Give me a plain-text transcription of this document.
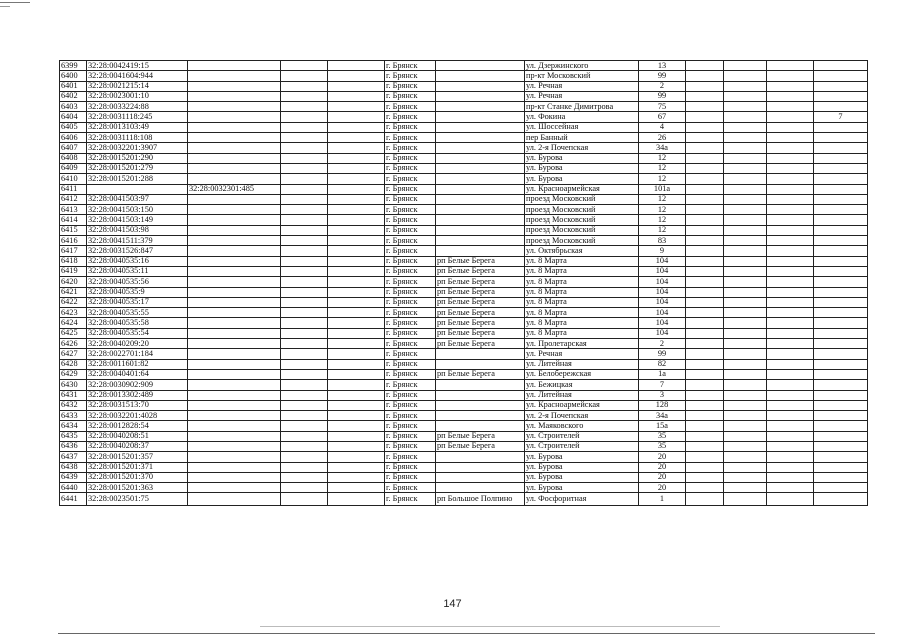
6399	32:28:0042419:15				г. Брянск		ул. Дзержинского	13				
6400	32:28:0041604:944				г. Брянск		пр-кт Московский	99				
6401	32:28:0021215:14				г. Брянск		ул. Речная	2				
6402	32:28:0023001:10				г. Брянск		ул. Речная	99				
6403	32:28:0033224:88				г. Брянск		пр-кт Станке Димитрова	75				
6404	32:28:0031118:245				г. Брянск		ул. Фокина	67				7
6405	32:28:0013103:49				г. Брянск		ул. Шоссейная	4				
6406	32:28:0031118:108				г. Брянск		пер Банный	26				
6407	32:28:0032201:3907				г. Брянск		ул. 2-я Почепская	34а				
6408	32:28:0015201:290				г. Брянск		ул. Бурова	12				
6409	32:28:0015201:279				г. Брянск		ул. Бурова	12				
6410	32:28:0015201:288				г. Брянск		ул. Бурова	12				
6411		32:28:0032301:485			г. Брянск		ул. Красноармейская	101а				
6412	32:28:0041503:97				г. Брянск		проезд Московский	12				
6413	32:28:0041503:150				г. Брянск		проезд Московский	12				
6414	32:28:0041503:149				г. Брянск		проезд Московский	12				
6415	32:28:0041503:98				г. Брянск		проезд Московский	12				
6416	32:28:0041511:379				г. Брянск		проезд Московский	83				
6417	32:28:0031526:847				г. Брянск		ул. Октябрьская	9				
6418	32:28:0040535:16				г. Брянск	рп Белые Берега	ул. 8 Марта	104				
6419	32:28:0040535:11				г. Брянск	рп Белые Берега	ул. 8 Марта	104				
6420	32:28:0040535:56				г. Брянск	рп Белые Берега	ул. 8 Марта	104				
6421	32:28:0040535:9				г. Брянск	рп Белые Берега	ул. 8 Марта	104				
6422	32:28:0040535:17				г. Брянск	рп Белые Берега	ул. 8 Марта	104				
6423	32:28:0040535:55				г. Брянск	рп Белые Берега	ул. 8 Марта	104				
6424	32:28:0040535:58				г. Брянск	рп Белые Берега	ул. 8 Марта	104				
6425	32:28:0040535:54				г. Брянск	рп Белые Берега	ул. 8 Марта	104				
6426	32:28:0040209:20				г. Брянск	рп Белые Берега	ул. Пролетарская	2				
6427	32:28:0022701:184				г. Брянск		ул. Речная	99				
6428	32:28:0011601:82				г. Брянск		ул. Литейная	82				
6429	32:28:0040401:64				г. Брянск	рп Белые Берега	ул. Белобережская	1а				
6430	32:28:0030902:909				г. Брянск		ул. Бежицкая	7				
6431	32:28:0013302:489				г. Брянск		ул. Литейная	3				
6432	32:28:0031513:70				г. Брянск		ул. Красноармейская	128				
6433	32:28:0032201:4028				г. Брянск		ул. 2-я Почепская	34а				
6434	32:28:0012828:54				г. Брянск		ул. Маяковского	15а				
6435	32:28:0040208:51				г. Брянск	рп Белые Берега	ул. Строителей	35				
6436	32:28:0040208:37				г. Брянск	рп Белые Берега	ул. Строителей	35				
6437	32:28:0015201:357				г. Брянск		ул. Бурова	20				
6438	32:28:0015201:371				г. Брянск		ул. Бурова	20				
6439	32:28:0015201:370				г. Брянск		ул. Бурова	20				
6440	32:28:0015201:363				г. Брянск		ул. Бурова	20				
6441	32:28:0023501:75				г. Брянск	рп Большое Полпино	ул. Фосфоритная	1				
147
